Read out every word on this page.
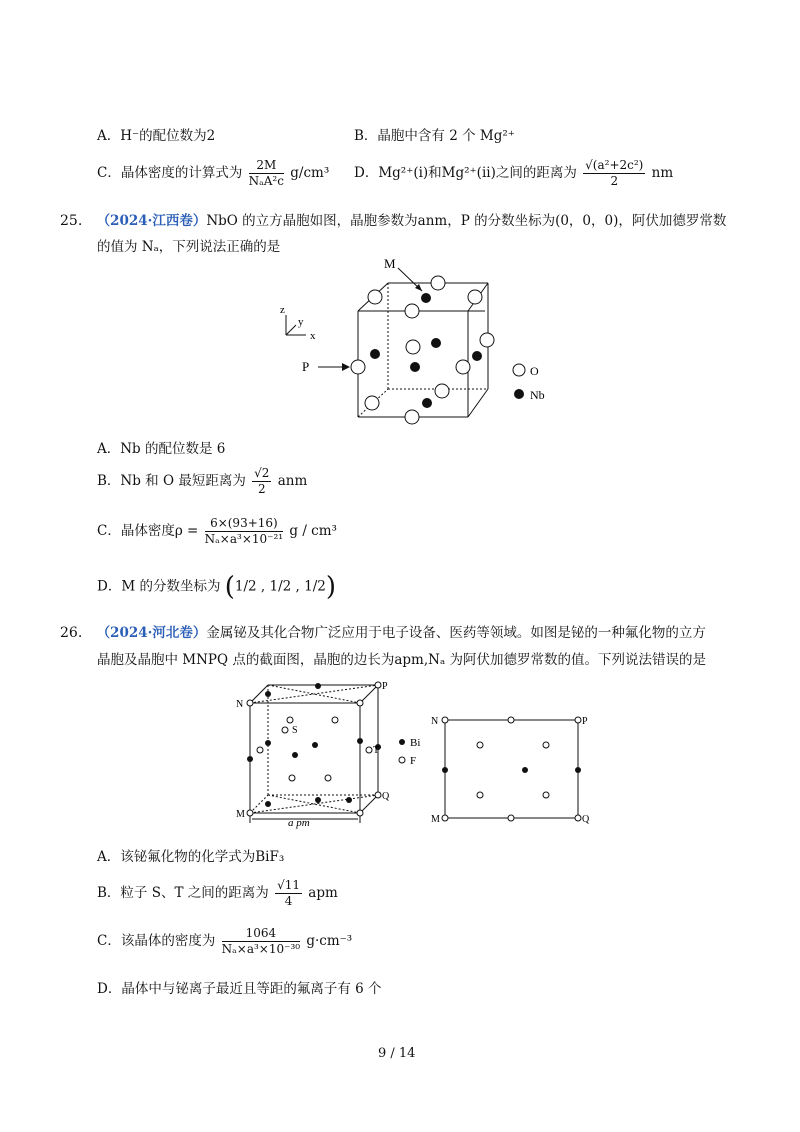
A．H⁻的配位数为2	B．晶胞中含有 2 个 Mg²⁺
C．晶体密度的计算式为 $\frac{2M}{\text{NₐA²c}} g/cm^3$ D．Mg²⁺(i)和Mg²⁺(ii)之间的距离为 $\frac{\text{√(a²+2c²)}}{2}$ nm
25. （2024·江西卷）NbO 的立方晶胞如图，晶胞参数为anm，P 的分数坐标为(0，0，0)，阿伏加德罗常数
的值为 Nₐ，下列说法正确的是
M
P
z
y
x
O
Nb
A．Nb 的配位数是 6
B．Nb 和 O 最短距离为 $\frac{√2}{2}$ anm
C．晶体密度$\rho = \frac{6\times(93+16)}{\text{Nₐ×a³×10⁻²¹}}$ g / cm³
D．M 的分数坐标为 (1/2 , 1/2 , 1/2)
26. （2024·河北卷）金属铋及其化合物广泛应用于电子设备、医药等领域。如图是铋的一种氟化物的立方
晶胞及晶胞中 MNPQ 点的截面图，晶胞的边长为apm,Nₐ 为阿伏加德罗常数的值。下列说法错误的是
a pm
Bi
F
P
N
M
Q
S
T
N	P
M	Q
A．该铋氟化物的化学式为BiF₃
B．粒子 S、T 之间的距离为 $\frac{√11}{4}$ apm
C．该晶体的密度为 $\frac{1064}{\text{Nₐ×a³×10⁻³⁰}} g\cdot cm^{-3}$
D．晶体中与铋离子最近且等距的氟离子有 6 个
9 / 14
